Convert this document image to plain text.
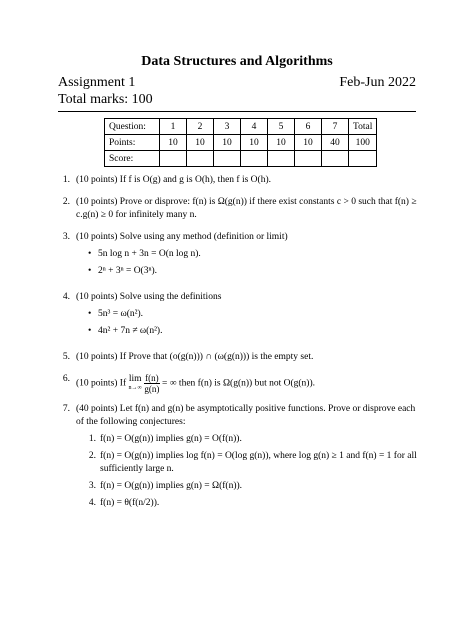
Data Structures and Algorithms
Assignment 1	Feb-Jun 2022
Total marks: 100
Question:	1	2	3	4	5	6	7	Total
Points:	10	10	10	10	10	10	40	100
Score:								
1. (10 points) If f is O(g) and g is O(h), then f is O(h).
2. (10 points) Prove or disprove: f(n) is Ω(g(n)) if there exist constants c > 0 such that f(n) ≥ c.g(n) ≥ 0 for infinitely many n.
3. (10 points) Solve using any method (definition or limit)
• 5n log n + 3n = O(n log n).
• 2ⁿ + 3ⁿ = O(3ⁿ).
4. (10 points) Solve using the definitions
• 5n³ = ω(n²).
• 4n² + 7n ≠ ω(n²).
5. (10 points) If Prove that (o(g(n))) ∩ (ω(g(n))) is the empty set.
6. (10 points) If
lim
n→∞
$\frac{f(n)}{g(n)}$ = ∞ then f(n) is Ω(g(n)) but not O(g(n)).
7. (40 points) Let f(n) and g(n) be asymptotically positive functions. Prove or disprove each of the following conjectures:
1. f(n) = O(g(n)) implies g(n) = O(f(n)).
2. f(n) = O(g(n)) implies log f(n) = O(log g(n)), where log g(n) ≥ 1 and f(n) = 1 for all sufficiently large n.
3. f(n) = O(g(n)) implies g(n) = Ω(f(n)).
4. f(n) = θ(f(n/2)).
